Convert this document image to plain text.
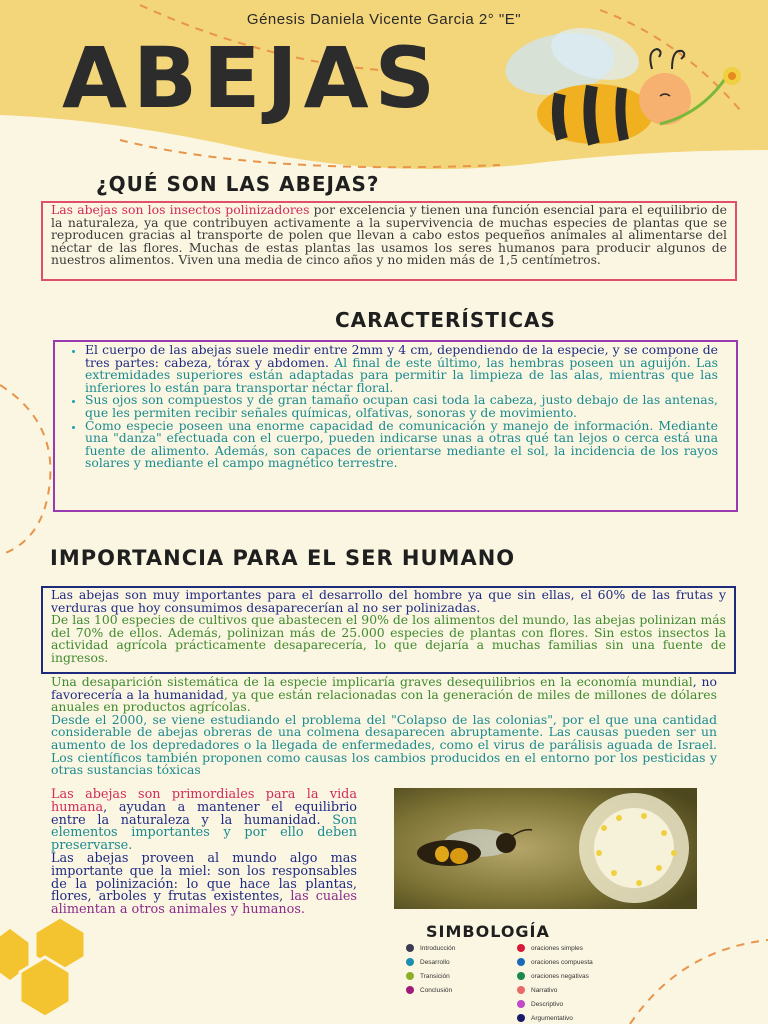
Génesis Daniela Vicente Garcia 2° "E"
ABEJAS
¿QUÉ SON LAS ABEJAS?
Las abejas son los insectos polinizadores por excelencia y tienen una función esencial para el equilibrio de la naturaleza, ya que contribuyen activamente a la supervivencia de muchas especies de plantas que se reproducen gracias al transporte de polen que llevan a cabo estos pequeños animales al alimentarse del néctar de las flores. Muchas de estas plantas las usamos los seres humanos para producir algunos de nuestros alimentos. Viven una media de cinco años y no miden más de 1,5 centímetros.
CARACTERÍSTICAS
• El cuerpo de las abejas suele medir entre 2mm y 4 cm, dependiendo de la especie, y se compone de tres partes: cabeza, tórax y abdomen. Al final de este último, las hembras poseen un aguijón. Las extremidades superiores están adaptadas para permitir la limpieza de las alas, mientras que las inferiores lo están para transportar néctar floral.
• Sus ojos son compuestos y de gran tamaño ocupan casi toda la cabeza, justo debajo de las antenas, que les permiten recibir señales químicas, olfativas, sonoras y de movimiento.
• Como especie poseen una enorme capacidad de comunicación y manejo de información. Mediante una "danza" efectuada con el cuerpo, pueden indicarse unas a otras qué tan lejos o cerca está una fuente de alimento. Además, son capaces de orientarse mediante el sol, la incidencia de los rayos solares y mediante el campo magnético terrestre.
IMPORTANCIA PARA EL SER HUMANO
Las abejas son muy importantes para el desarrollo del hombre ya que sin ellas, el 60% de las frutas y verduras que hoy consumimos desaparecerían al no ser polinizadas.
De las 100 especies de cultivos que abastecen el 90% de los alimentos del mundo, las abejas polinizan más del 70% de ellos. Además, polinizan más de 25.000 especies de plantas con flores. Sin estos insectos la actividad agrícola prácticamente desaparecería, lo que dejaría a muchas familias sin una fuente de ingresos.
Una desaparición sistemática de la especie implicaría graves desequilibrios en la economía mundial, no favorecería a la humanidad, ya que están relacionadas con la generación de miles de millones de dólares anuales en productos agrícolas.
Desde el 2000, se viene estudiando el problema del "Colapso de las colonias", por el que una cantidad considerable de abejas obreras de una colmena desaparecen abruptamente. Las causas pueden ser un aumento de los depredadores o la llegada de enfermedades, como el virus de parálisis aguada de Israel. Los científicos también proponen como causas los cambios producidos en el entorno por los pesticidas y otras sustancias tóxicas
Las abejas son primordiales para la vida humana, ayudan a mantener el equilibrio entre la naturaleza y la humanidad. Son elementos importantes y por ello deben preservarse.
Las abejas proveen al mundo algo mas importante que la miel: son los responsables de la polinización: lo que hace las plantas, flores, arboles y frutas existentes, las cuales alimentan a otros animales y humanos.
SIMBOLOGÍA
Introducción
Desarrollo
Transición
Conclusión
oraciones simples
oraciones compuesta
oraciones negativas
Narrativo
Descriptivo
Argumentativo
